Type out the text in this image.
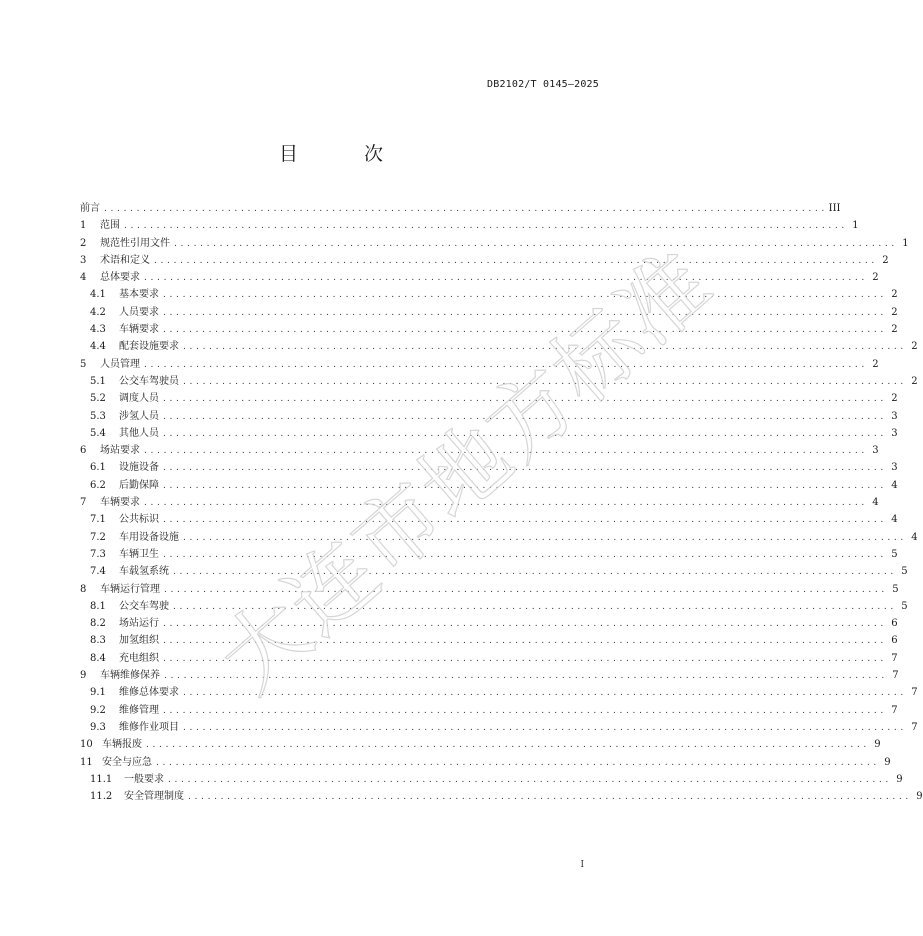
DB2102/T 0145—2025
目 次
前言 . . .	III
1	范围 . . .	1
2	规范性引用文件 . . .	1
3	术语和定义 . . .	2
4	总体要求 . . .	2
4.1	基本要求 . . .	2
4.2	人员要求 . . .	2
4.3	车辆要求 . . .	2
4.4	配套设施要求 . . .	2
5	人员管理 . . .	2
5.1	公交车驾驶员 . . .	2
5.2	调度人员 . . .	2
5.3	涉氢人员 . . .	3
5.4	其他人员 . . .	3
6	场站要求 . . .	3
6.1	设施设备 . . .	3
6.2	后勤保障 . . .	4
7	车辆要求 . . .	4
7.1	公共标识 . . .	4
7.2	车用设备设施 . . .	4
7.3	车辆卫生 . . .	5
7.4	车载氢系统 . . .	5
8	车辆运行管理 . . .	5
8.1	公交车驾驶 . . .	5
8.2	场站运行 . . .	6
8.3	加氢组织 . . .	6
8.4	充电组织 . . .	7
9	车辆维修保养 . . .	7
9.1	维修总体要求 . . .	7
9.2	维修管理 . . .	7
9.3	维修作业项目 . . .	7
10 车辆报废 . . .	9
11 安全与应急 . . .	9
11.1	一般要求 . . .	9
11.2	安全管理制度 . . .	9
I
大连市地方标准
